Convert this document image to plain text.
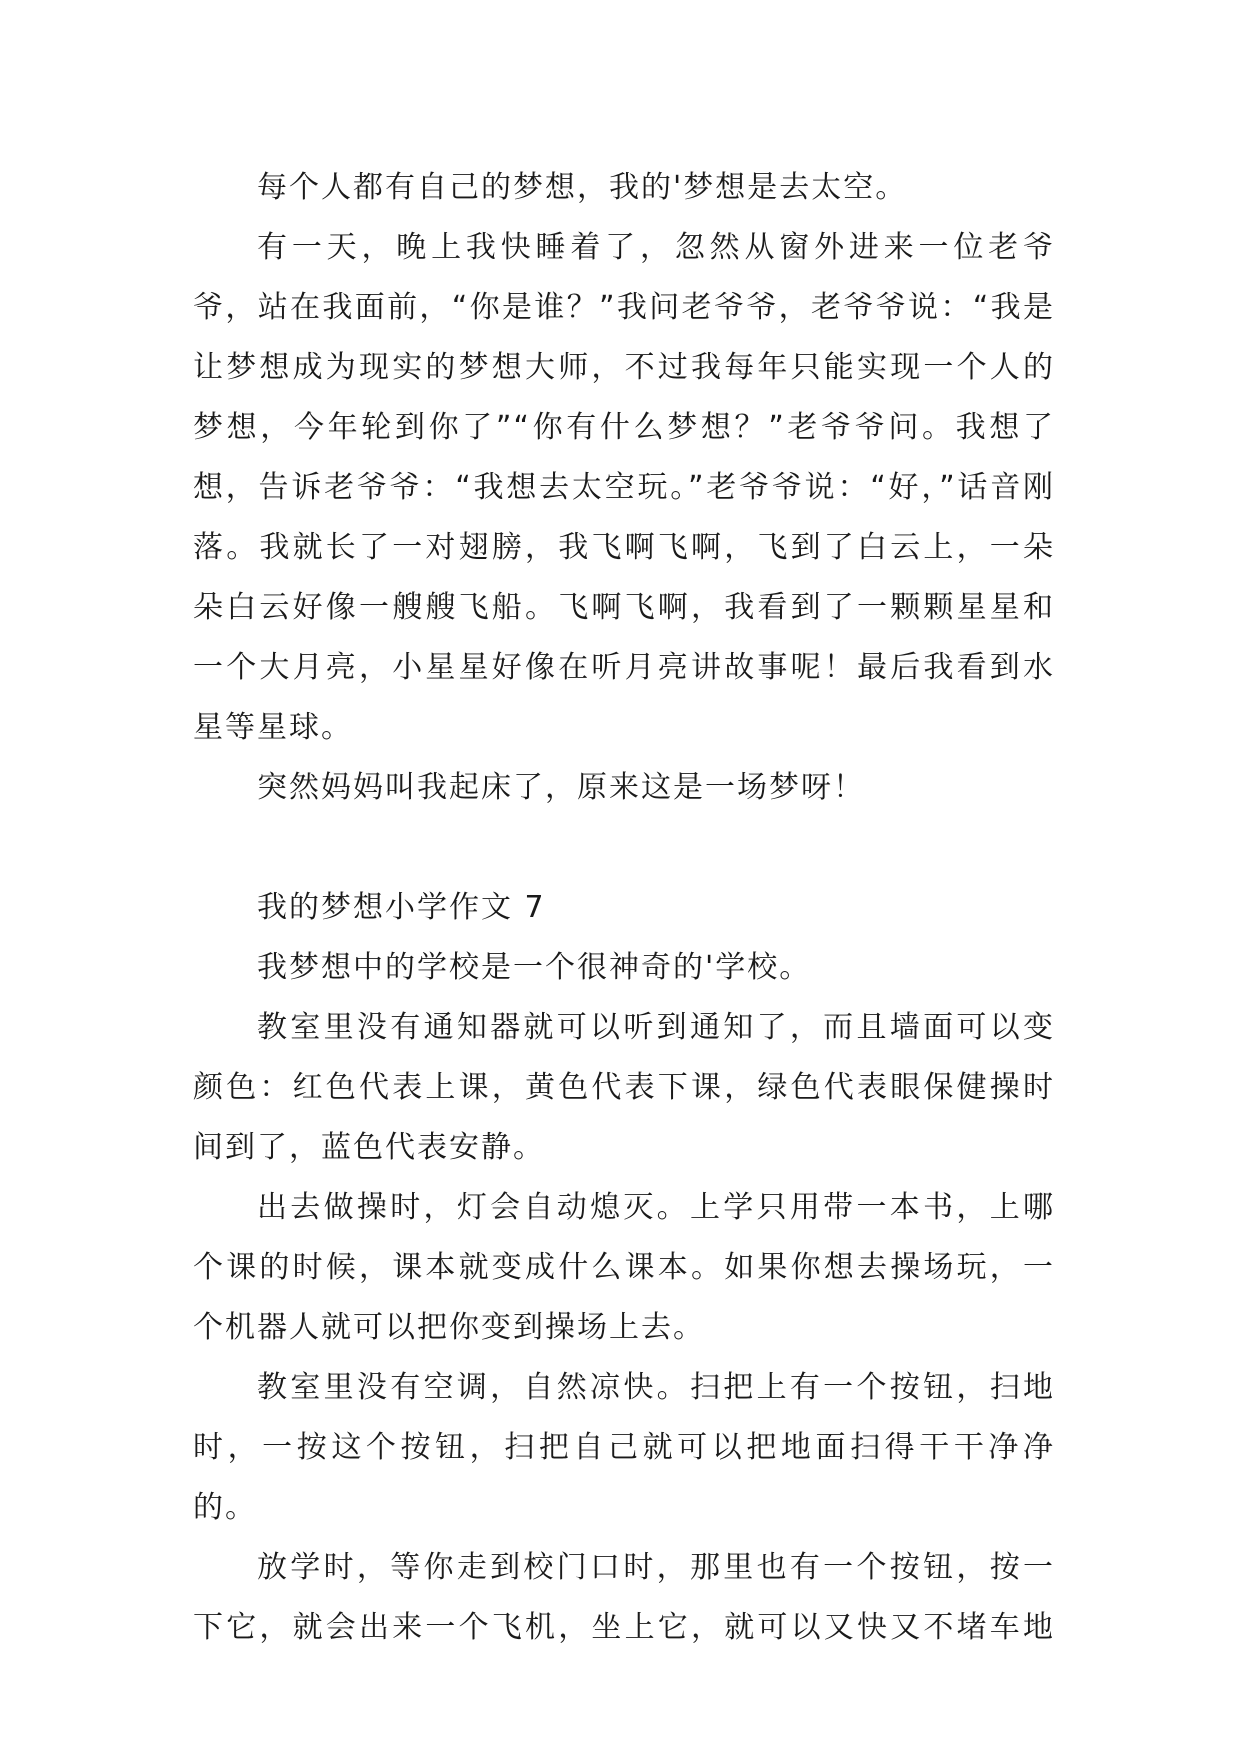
每个人都有自己的梦想，我的'梦想是去太空。

有一天，晚上我快睡着了，忽然从窗外进来一位老爷爷，站在我面前，“你是谁？”我问老爷爷，老爷爷说：“我是让梦想成为现实的梦想大师，不过我每年只能实现一个人的梦想，今年轮到你了”“你有什么梦想？”老爷爷问。我想了想，告诉老爷爷：“我想去太空玩。”老爷爷说：“好，”话音刚落。我就长了一对翅膀，我飞啊飞啊，飞到了白云上，一朵朵白云好像一艘艘飞船。飞啊飞啊，我看到了一颗颗星星和一个大月亮，小星星好像在听月亮讲故事呢！最后我看到水星等星球。

突然妈妈叫我起床了，原来这是一场梦呀！

我的梦想小学作文 7

我梦想中的学校是一个很神奇的'学校。

教室里没有通知器就可以听到通知了，而且墙面可以变颜色：红色代表上课，黄色代表下课，绿色代表眼保健操时间到了，蓝色代表安静。

出去做操时，灯会自动熄灭。上学只用带一本书，上哪个课的时候，课本就变成什么课本。如果你想去操场玩，一个机器人就可以把你变到操场上去。

教室里没有空调，自然凉快。扫把上有一个按钮，扫地时，一按这个按钮，扫把自己就可以把地面扫得干干净净的。

放学时，等你走到校门口时，那里也有一个按钮，按一下它，就会出来一个飞机，坐上它，就可以又快又不堵车地
